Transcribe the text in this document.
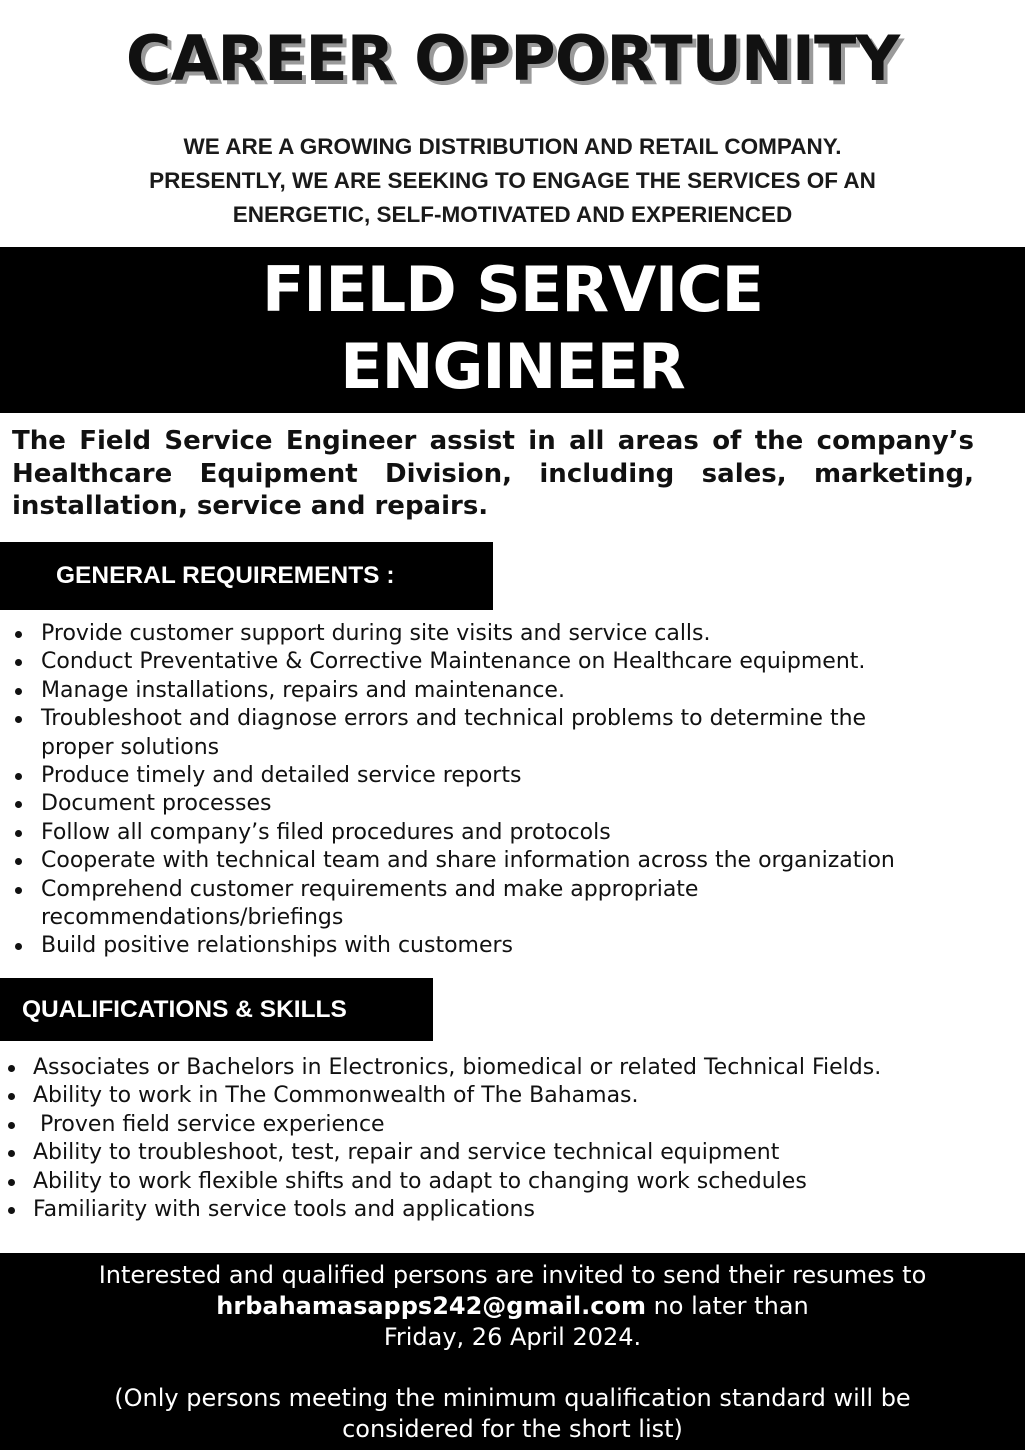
CAREER OPPORTUNITY
WE ARE A GROWING DISTRIBUTION AND RETAIL COMPANY.
PRESENTLY, WE ARE SEEKING TO ENGAGE THE SERVICES OF AN
ENERGETIC, SELF-MOTIVATED AND EXPERIENCED
FIELD SERVICE
ENGINEER
The Field Service Engineer assist in all areas of the company’s Healthcare Equipment Division, including sales, marketing, installation, service and repairs.
GENERAL REQUIREMENTS :
Provide customer support during site visits and service calls.
Conduct Preventative & Corrective Maintenance on Healthcare equipment.
Manage installations, repairs and maintenance.
Troubleshoot and diagnose errors and technical problems to determine the
proper solutions
Produce timely and detailed service reports
Document processes
Follow all company’s filed procedures and protocols
Cooperate with technical team and share information across the organization
Comprehend customer requirements and make appropriate
recommendations/briefings
Build positive relationships with customers
QUALIFICATIONS & SKILLS
Associates or Bachelors in Electronics, biomedical or related Technical Fields.
Ability to work in The Commonwealth of The Bahamas.
Proven field service experience
Ability to troubleshoot, test, repair and service technical equipment
Ability to work flexible shifts and to adapt to changing work schedules
Familiarity with service tools and applications
Interested and qualified persons are invited to send their resumes to
hrbahamasapps242@gmail.com no later than
Friday, 26 April 2024.
(Only persons meeting the minimum qualification standard will be
considered for the short list)
